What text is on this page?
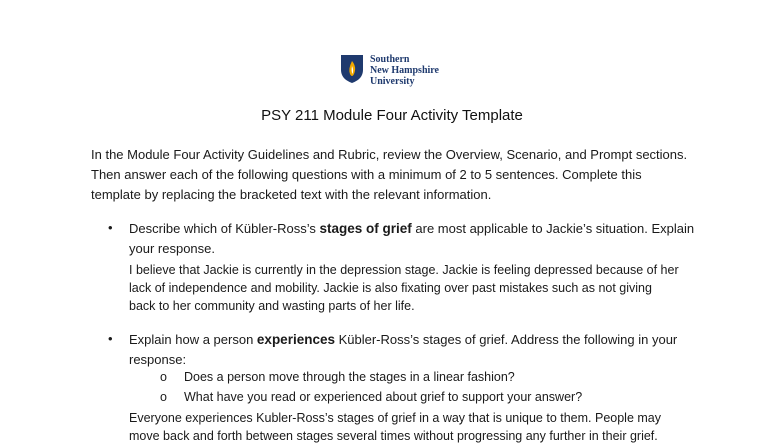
Southern
New Hampshire
University
PSY 211 Module Four Activity Template
In the Module Four Activity Guidelines and Rubric, review the Overview, Scenario, and Prompt sections.
Then answer each of the following questions with a minimum of 2 to 5 sentences. Complete this
template by replacing the bracketed text with the relevant information.
• Describe which of Kübler-Ross’s stages of grief are most applicable to Jackie’s situation. Explain
your response.
I believe that Jackie is currently in the depression stage. Jackie is feeling depressed because of her
lack of independence and mobility. Jackie is also fixating over past mistakes such as not giving
back to her community and wasting parts of her life.
• Explain how a person experiences Kübler-Ross’s stages of grief. Address the following in your
response:
o Does a person move through the stages in a linear fashion?
o What have you read or experienced about grief to support your answer?
Everyone experiences Kubler-Ross’s stages of grief in a way that is unique to them. People may
move back and forth between stages several times without progressing any further in their grief.
